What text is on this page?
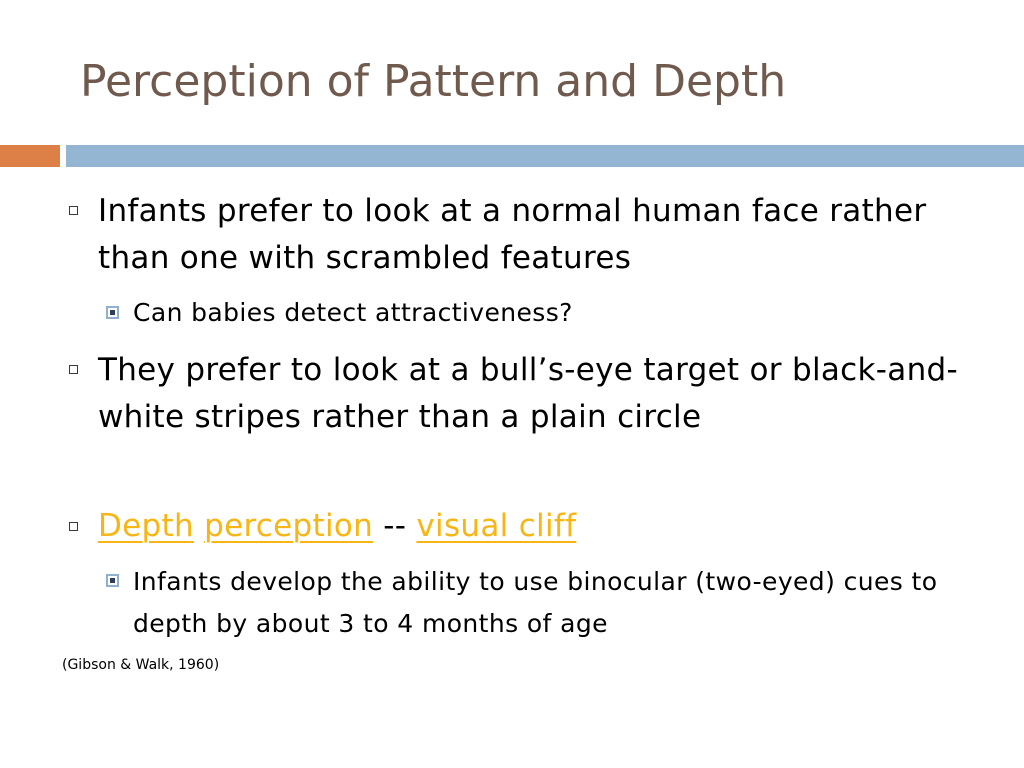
Perception of Pattern and Depth

Infants prefer to look at a normal human face rather than one with scrambled features

Can babies detect attractiveness?

They prefer to look at a bull’s-eye target or black-and-white stripes rather than a plain circle

Depth perception -- visual cliff

Infants develop the ability to use binocular (two-eyed) cues to depth by about 3 to 4 months of age

(Gibson & Walk, 1960)
